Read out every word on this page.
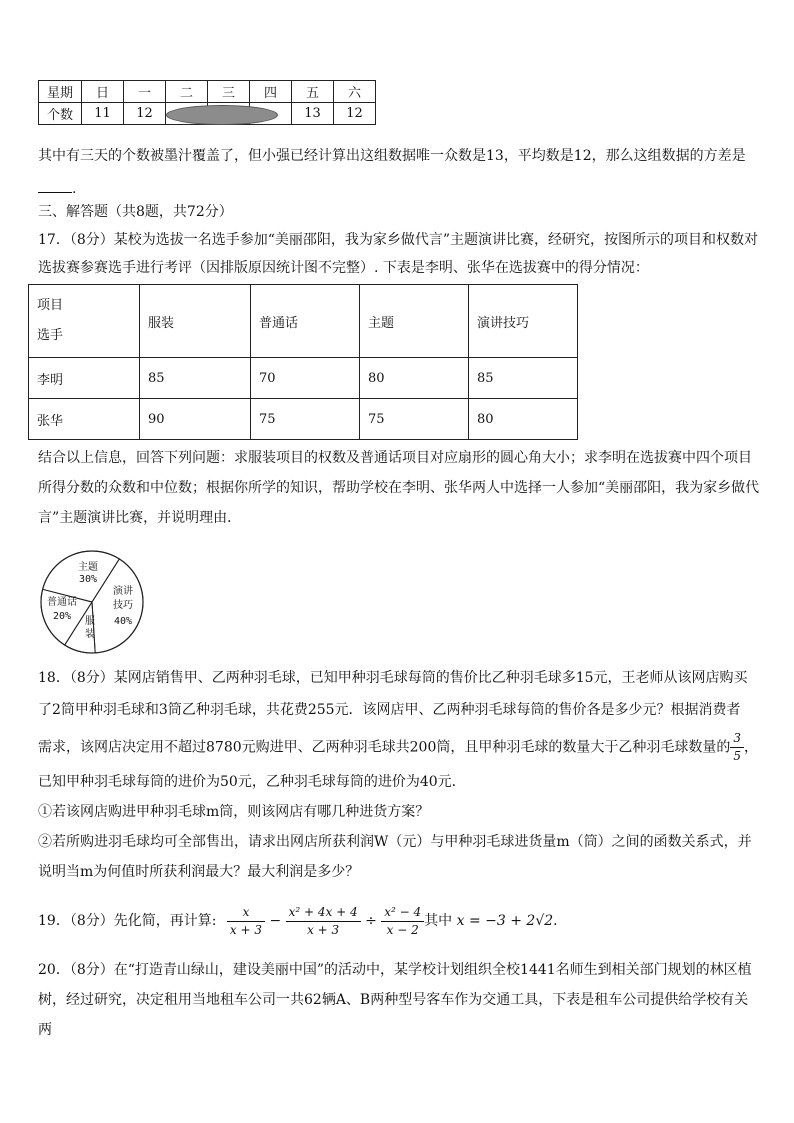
星期	日	一	二	三	四	五	六
个数	11	12				13	12
其中有三天的个数被墨汁覆盖了，但小强已经计算出这组数据唯一众数是13，平均数是12，那么这组数据的方差是
.
三、解答题（共8题，共72分）
17．（8分）某校为选拔一名选手参加“美丽邵阳，我为家乡做代言”主题演讲比赛，经研究，按图所示的项目和权数对
选拔赛参赛选手进行考评（因排版原因统计图不完整）. 下表是李明、张华在选拔赛中的得分情况：
项目
选手	服装	普通话	主题	演讲技巧
李明	85	70	80	85
张华	90	75	75	80
结合以上信息，回答下列问题：求服装项目的权数及普通话项目对应扇形的圆心角大小；求李明在选拔赛中四个项目
所得分数的众数和中位数；根据你所学的知识，帮助学校在李明、张华两人中选择一人参加“美丽邵阳，我为家乡做代
言”主题演讲比赛，并说明理由．
主题
30%
演讲
技巧
40%
普通话
20% 服
装
18．（8分）某网店销售甲、乙两种羽毛球，已知甲种羽毛球每筒的售价比乙种羽毛球多15元，王老师从该网店购买
了2筒甲种羽毛球和3筒乙种羽毛球，共花费255元．该网店甲、乙两种羽毛球每筒的售价各是多少元？根据消费者
需求，该网店决定用不超过8780元购进甲、乙两种羽毛球共200筒，且甲种羽毛球的数量大于乙种羽毛球数量的 $\frac{3}{5}$ ，
已知甲种羽毛球每筒的进价为50元，乙种羽毛球每筒的进价为40元．
①若该网店购进甲种羽毛球m筒，则该网店有哪几种进货方案？
②若所购进羽毛球均可全部售出，请求出网店所获利润W（元）与甲种羽毛球进货量m（筒）之间的函数关系式，并
说明当m为何值时所获利润最大？最大利润是多少？
19．（8分）先化简，再计算: $\frac{x}{x + 3} - \frac{\text{x² + 4x + 4}}{x + 3} \div \frac{\text{x² − 4}}{x - 2}$ 其中 x = −3 + 2√2.
20．（8分）在“打造青山绿山，建设美丽中国”的活动中，某学校计划组织全校1441名师生到相关部门规划的林区植
树，经过研究，决定租用当地租车公司一共62辆A、B两种型号客车作为交通工具，下表是租车公司提供给学校有关
两
